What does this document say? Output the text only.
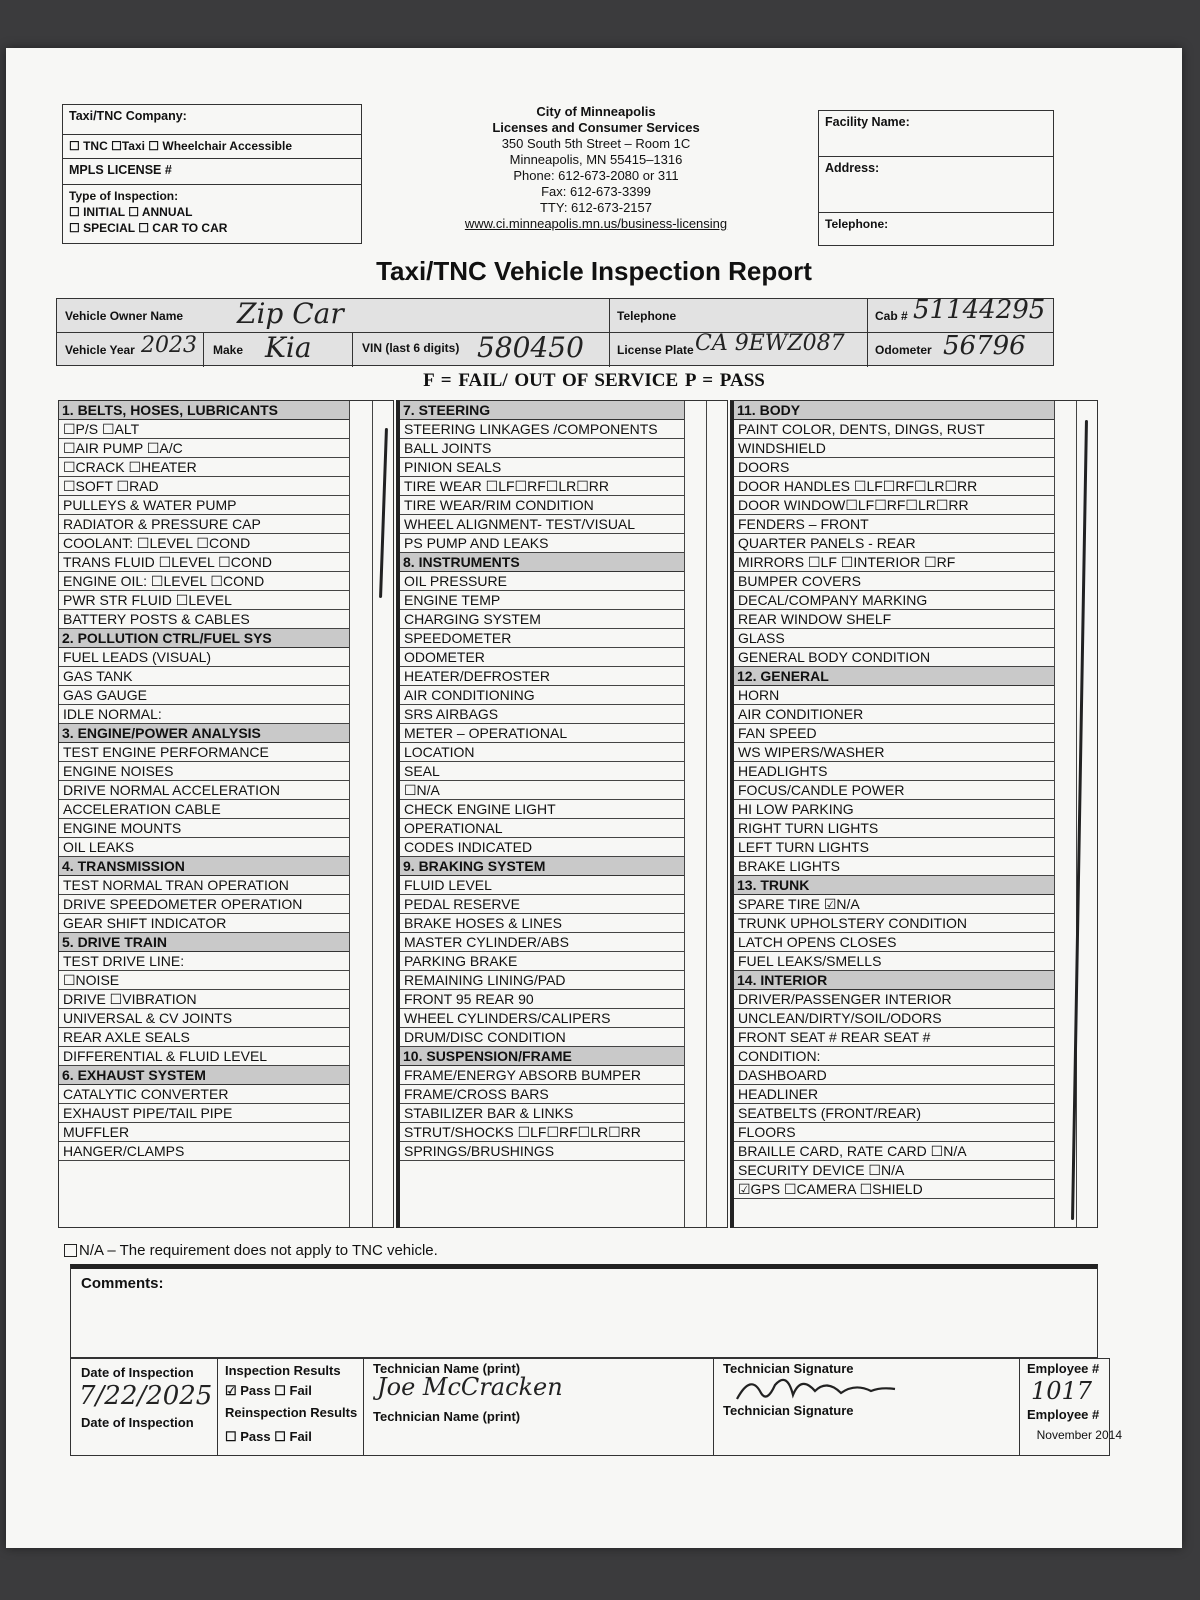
Taxi/TNC Company:
☐ TNC ☐Taxi ☐ Wheelchair Accessible
MPLS LICENSE #
Type of Inspection:
☐ INITIAL ☐ ANNUAL
☐ SPECIAL ☐ CAR TO CAR
City of Minneapolis
Licenses and Consumer Services
350 South 5th Street – Room 1C
Minneapolis, MN 55415–1316
Phone: 612-673-2080 or 311
Fax: 612-673-3399
TTY: 612-673-2157
www.ci.minneapolis.mn.us/business-licensing
Facility Name:
Address:
Telephone:
Taxi/TNC Vehicle Inspection Report
Vehicle Owner Name Zip Car	Telephone	Cab # 51144295
Vehicle Year 2023 Make Kia	VIN (last 6 digits) 580450	License Plate CA 9EWZ087	Odometer 56796
F = FAIL/ OUT OF SERVICE P = PASS
1. BELTS, HOSES, LUBRICANTS
☐P/S ☐ALT
☐AIR PUMP ☐A/C
☐CRACK ☐HEATER
☐SOFT ☐RAD
PULLEYS & WATER PUMP
RADIATOR & PRESSURE CAP
COOLANT: ☐LEVEL ☐COND
TRANS FLUID ☐LEVEL ☐COND
ENGINE OIL: ☐LEVEL ☐COND
PWR STR FLUID ☐LEVEL
BATTERY POSTS & CABLES
2. POLLUTION CTRL/FUEL SYS
FUEL LEADS (VISUAL)
GAS TANK
GAS GAUGE
IDLE NORMAL:
3. ENGINE/POWER ANALYSIS
TEST ENGINE PERFORMANCE
ENGINE NOISES
DRIVE NORMAL ACCELERATION
ACCELERATION CABLE
ENGINE MOUNTS
OIL LEAKS
4. TRANSMISSION
TEST NORMAL TRAN OPERATION
DRIVE SPEEDOMETER OPERATION
GEAR SHIFT INDICATOR
5. DRIVE TRAIN
TEST DRIVE LINE:
☐NOISE
DRIVE ☐VIBRATION
UNIVERSAL & CV JOINTS
REAR AXLE SEALS
DIFFERENTIAL & FLUID LEVEL
6. EXHAUST SYSTEM
CATALYTIC CONVERTER
EXHAUST PIPE/TAIL PIPE
MUFFLER
HANGER/CLAMPS
7. STEERING
STEERING LINKAGES /COMPONENTS
BALL JOINTS
PINION SEALS
TIRE WEAR ☐LF☐RF☐LR☐RR
TIRE WEAR/RIM CONDITION
WHEEL ALIGNMENT- TEST/VISUAL
PS PUMP AND LEAKS
8. INSTRUMENTS
OIL PRESSURE
ENGINE TEMP
CHARGING SYSTEM
SPEEDOMETER
ODOMETER
HEATER/DEFROSTER
AIR CONDITIONING
SRS AIRBAGS
METER – OPERATIONAL
LOCATION
SEAL
☐N/A
CHECK ENGINE LIGHT
OPERATIONAL
CODES INDICATED
9. BRAKING SYSTEM
FLUID LEVEL
PEDAL RESERVE
BRAKE HOSES & LINES
MASTER CYLINDER/ABS
PARKING BRAKE
REMAINING LINING/PAD
FRONT 95 REAR 90
WHEEL CYLINDERS/CALIPERS
DRUM/DISC CONDITION
10. SUSPENSION/FRAME
FRAME/ENERGY ABSORB BUMPER
FRAME/CROSS BARS
STABILIZER BAR & LINKS
STRUT/SHOCKS ☐LF☐RF☐LR☐RR
SPRINGS/BRUSHINGS
11. BODY
PAINT COLOR, DENTS, DINGS, RUST
WINDSHIELD
DOORS
DOOR HANDLES ☐LF☐RF☐LR☐RR
DOOR WINDOW☐LF☐RF☐LR☐RR
FENDERS – FRONT
QUARTER PANELS - REAR
MIRRORS ☐LF ☐INTERIOR ☐RF
BUMPER COVERS
DECAL/COMPANY MARKING
REAR WINDOW SHELF
GLASS
GENERAL BODY CONDITION
12. GENERAL
HORN
AIR CONDITIONER
FAN SPEED
WS WIPERS/WASHER
HEADLIGHTS
FOCUS/CANDLE POWER
HI LOW PARKING
RIGHT TURN LIGHTS
LEFT TURN LIGHTS
BRAKE LIGHTS
13. TRUNK
SPARE TIRE ☑N/A
TRUNK UPHOLSTERY CONDITION
LATCH OPENS CLOSES
FUEL LEAKS/SMELLS
14. INTERIOR
DRIVER/PASSENGER INTERIOR
UNCLEAN/DIRTY/SOIL/ODORS
FRONT SEAT # REAR SEAT #
CONDITION:
DASHBOARD
HEADLINER
SEATBELTS (FRONT/REAR)
FLOORS
BRAILLE CARD, RATE CARD ☐N/A
SECURITY DEVICE ☐N/A
☑GPS ☐CAMERA ☐SHIELD
N/A – The requirement does not apply to TNC vehicle.
Comments:
Date of Inspection
7/22/2025
Date of Inspection
Inspection Results
☑ Pass ☐ Fail
Reinspection Results
☐ Pass ☐ Fail
Technician Name (print)
Joe McCracken
Technician Name (print)
Technician Signature
Technician Signature
Employee #
1017
Employee #
November 2014
